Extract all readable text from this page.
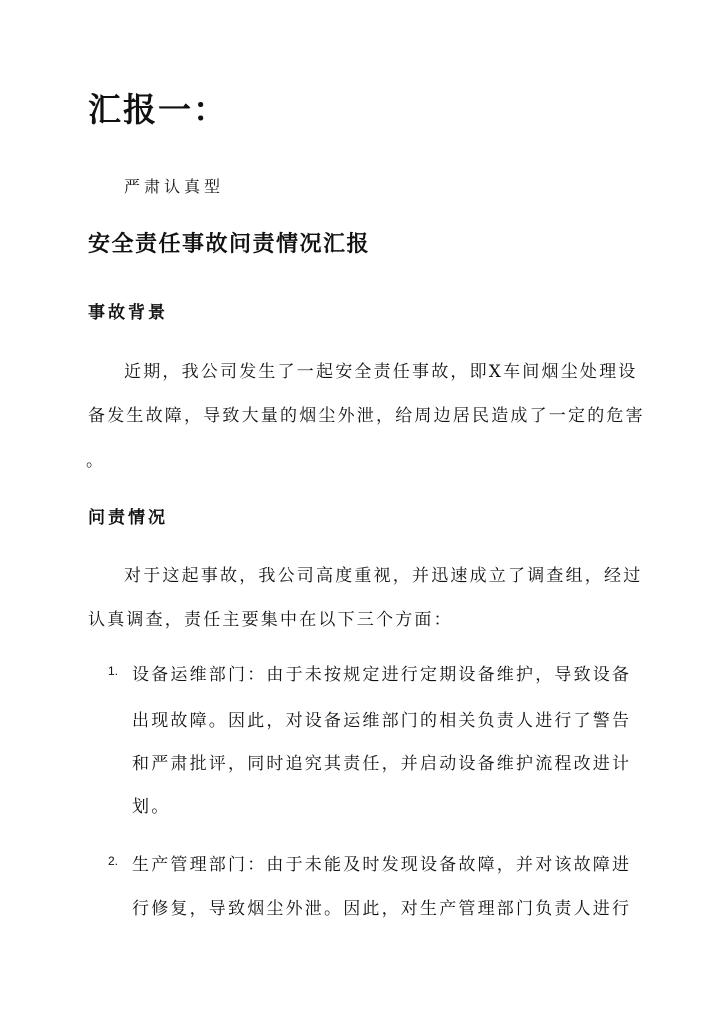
汇报一：
严肃认真型
安全责任事故问责情况汇报
事故背景
近期，我公司发生了一起安全责任事故，即X车间烟尘处理设
备发生故障，导致大量的烟尘外泄，给周边居民造成了一定的危害
。
问责情况
对于这起事故，我公司高度重视，并迅速成立了调查组，经过
认真调查，责任主要集中在以下三个方面：
1. 设备运维部门：由于未按规定进行定期设备维护，导致设备
出现故障。因此，对设备运维部门的相关负责人进行了警告
和严肃批评，同时追究其责任，并启动设备维护流程改进计
划。
2. 生产管理部门：由于未能及时发现设备故障，并对该故障进
行修复，导致烟尘外泄。因此，对生产管理部门负责人进行
